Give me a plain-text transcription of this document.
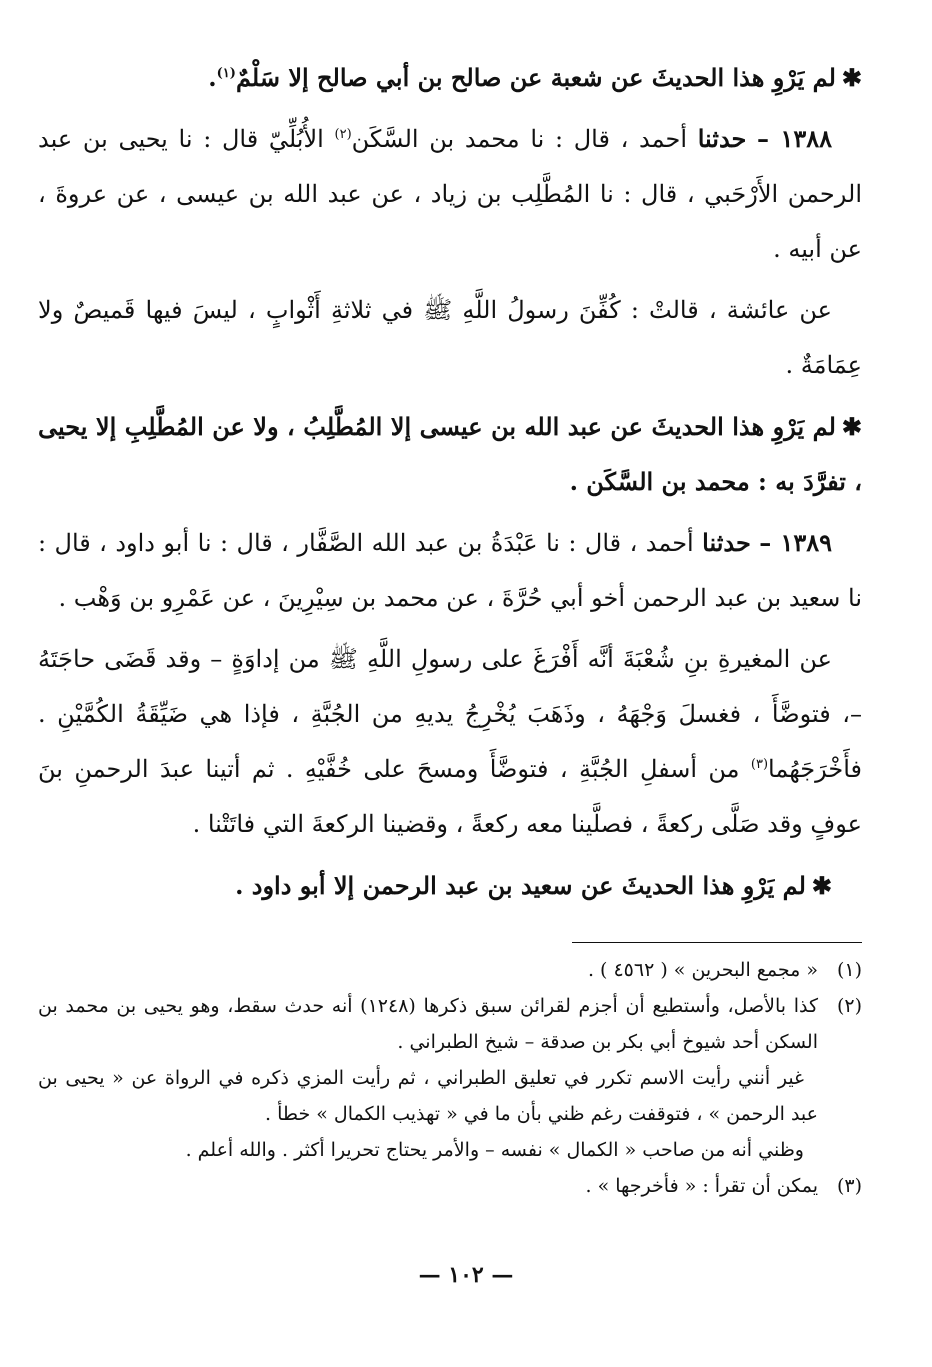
✱لم يَرْوِ هذا الحديثَ عن شعبة عن صالح بن أبي صالح إلا سَلْمٌ$^{(١)}$.

١٣٨٨ – حدثنا أحمد ، قال : نا محمد بن السَّكَن$^{(٢)}$ الأُبُلِّيّ قال : نا يحيى بن عبد الرحمن الأَرْحَبي ، قال : نا المُطَّلِب بن زياد ، عن عبد الله بن عيسى ، عن عروةَ ، عن أبيه .

عن عائشة ، قالتْ : كُفِّنَ رسولُ اللَّهِ ﷺ في ثلاثةِ أَثْوابٍ ، ليسَ فيها قَميصٌ ولا عِمَامَةٌ .

✱لم يَرْوِ هذا الحديثَ عن عبد الله بن عيسى إلا المُطَّلِبُ ، ولا عن المُطَّلِبِ إلا يحيى ، تفرَّدَ به : محمد بن السَّكَن .

١٣٨٩ – حدثنا أحمد ، قال : نا عَبْدَةُ بن عبد الله الصَّفَّار ، قال : نا أبو داود ، قال : نا سعيد بن عبد الرحمن أخو أبي حُرَّةَ ، عن محمد بن سِيْرِينَ ، عن عَمْرِو بن وَهْب .

عن المغيرةِ بنِ شُعْبَةَ أنَّه أَفْرَغَ على رسولِ اللَّهِ ﷺ من إداوَةٍ – وقد قَضَى حاجَتَهُ –، فتوضَّأَ ، فغسلَ وَجْهَهُ ، وذَهَبَ يُخْرِجُ يديهِ من الجُبَّةِ ، فإذا هي ضَيِّقَةُ الكُمَّيْنِ . فأَخْرَجَهُما$^{(٣)}$ من أسفلِ الجُبَّةِ ، فتوضَّأَ ومسحَ على خُفَّيْهِ . ثم أتينا عبدَ الرحمنِ بنَ عوفٍ وقد صَلَّى ركعةً ، فصلَّينا معه ركعةً ، وقضينا الركعةَ التي فاتَتْنا .

✱لم يَرْوِ هذا الحديثَ عن سعيد بن عبد الرحمن إلا أبو داود .

(١)

« مجمع البحرين » ( ٤٥٦٢ ) .

(٢)

كذا بالأصل، وأستطيع أن أجزم لقرائن سبق ذكرها (١٢٤٨) أنه حدث سقط، وهو يحيى بن محمد بن السكن أحد شيوخ أبي بكر بن صدقة – شيخ الطبراني .

غير أنني رأيت الاسم تكرر في تعليق الطبراني ، ثم رأيت المزي ذكره في الرواة عن « يحيى بن عبد الرحمن » ، فتوقفت رغم ظني بأن ما في « تهذيب الكمال » خطأ .

وظني أنه من صاحب « الكمال » نفسه – والأمر يحتاج تحريرا أكثر . والله أعلم .

(٣)

يمكن أن تقرأ : « فأخرجها » .

— ١٠٢ —
